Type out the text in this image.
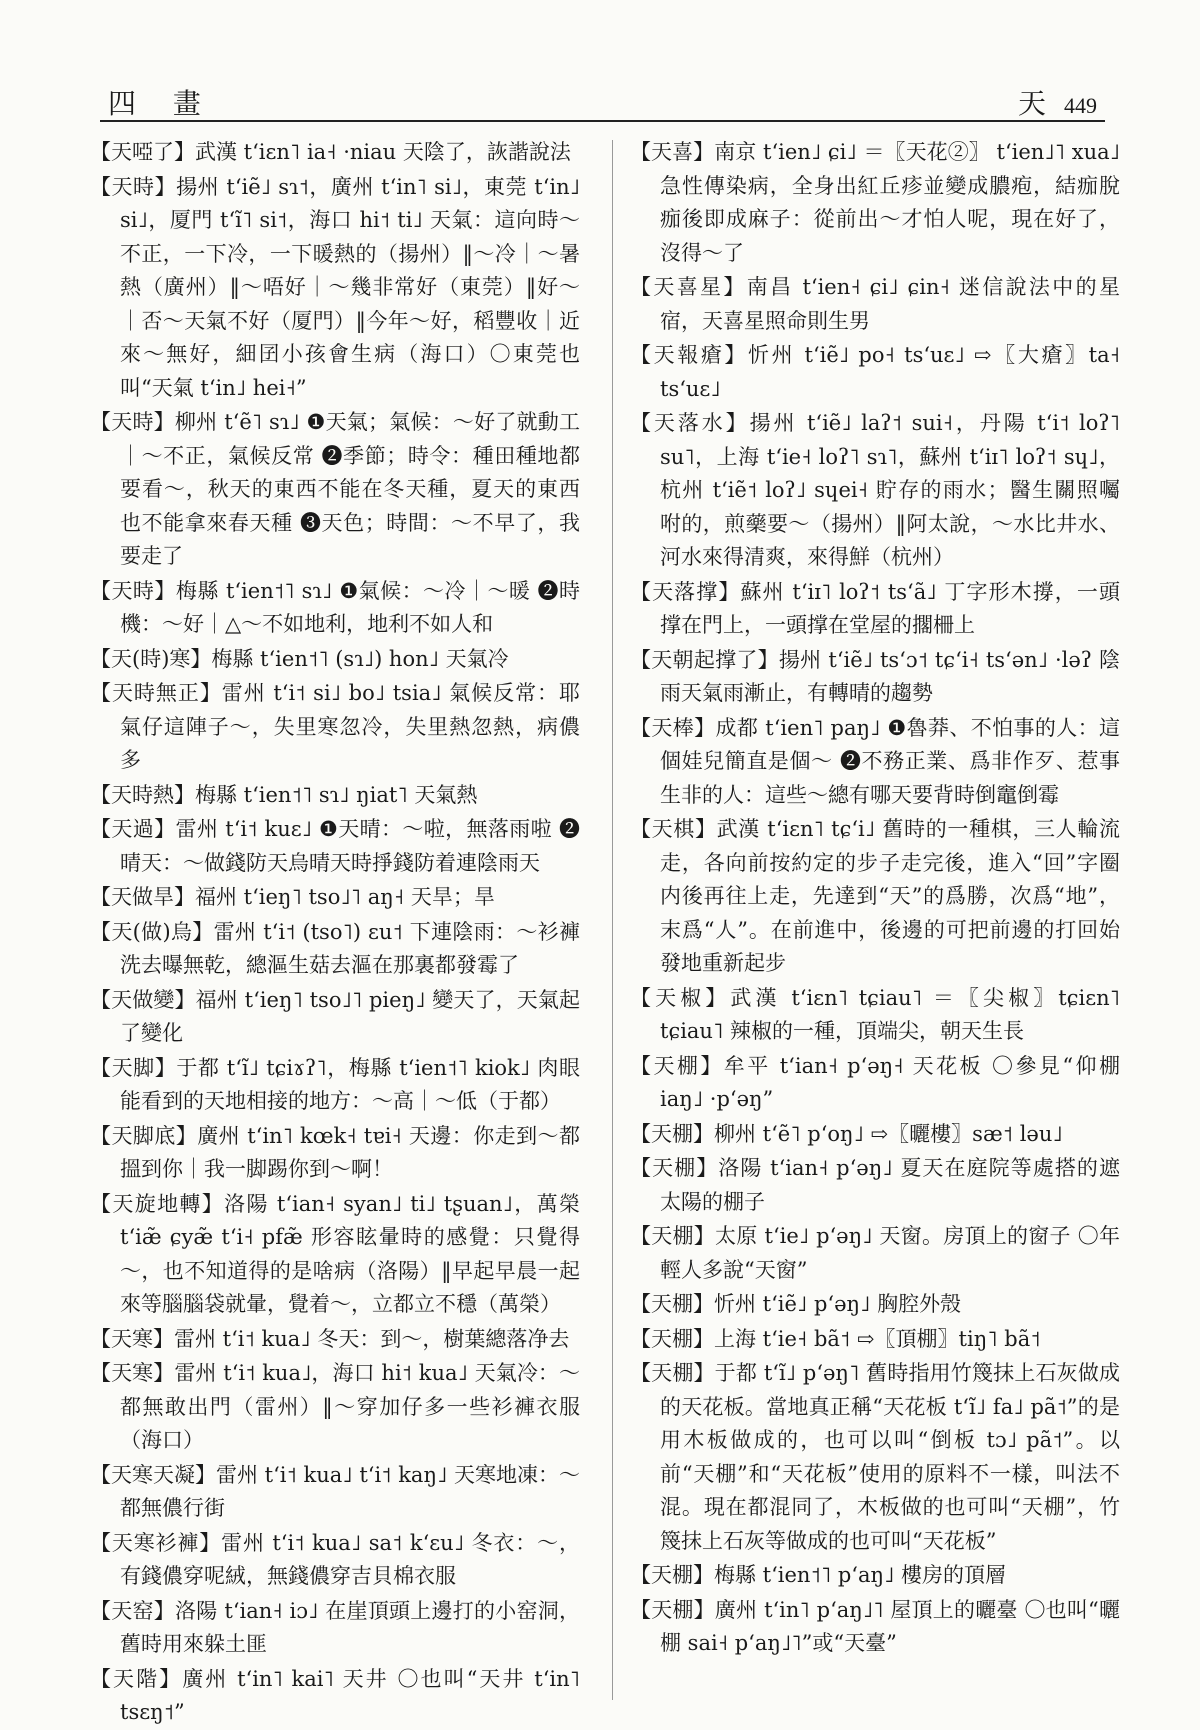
四 畫	天 449

【天啞了】武漢 tʻiɛn˥ ia˧ ·niau 天陰了，詼諧說法

【天時】揚州 tʻiẽ˩ sɿ˦，廣州 tʻin˥ si˩，東莞 tʻin˩ si˩，厦門 tʻĩ˥ si˦，海口 hi˦ ti˩ 天氣：這向時～不正，一下冷，一下暖熱的（揚州）‖～冷｜～暑熱（廣州）‖～唔好｜～幾非常好（東莞）‖好～｜否～天氣不好（厦門）‖今年～好，稻豐收｜近來～無好，細囝小孩會生病（海口）〇東莞也叫“天氣 tʻin˩ hei˧”

【天時】柳州 tʻẽ˥ sɿ˩ ❶天氣；氣候：～好了就動工｜～不正，氣候反常 ❷季節；時令：種田種地都要看～，秋天的東西不能在冬天種，夏天的東西也不能拿來春天種 ❸天色；時間：～不早了，我要走了

【天時】梅縣 tʻien˦˥ sɿ˩ ❶氣候：～冷｜～暖 ❷時機：～好｜△～不如地利，地利不如人和

【天(時)寒】梅縣 tʻien˦˥ (sɿ˩) hon˩ 天氣冷

【天時無正】雷州 tʻi˦ si˩ bo˩ tsia˩ 氣候反常：耶氣仔這陣子～，失里寒忽冷，失里熱忽熱，病儂多

【天時熱】梅縣 tʻien˦˥ sɿ˩ ŋiat˥ 天氣熱

【天過】雷州 tʻi˦ kuɛ˩ ❶天晴：～啦，無落雨啦 ❷晴天：～做錢防天烏晴天時掙錢防着連陰雨天

【天做旱】福州 tʻieŋ˥ tso˩˥ aŋ˧ 天旱；旱

【天(做)烏】雷州 tʻi˦ (tso˥) ɛu˦ 下連陰雨：～衫褲洗去曝無乾，總漚生菇去漚在那裏都發霉了

【天做變】福州 tʻieŋ˥ tso˩˥ pieŋ˩ 變天了，天氣起了變化

【天脚】于都 tʻĩ˩ tɕiɤʔ˥，梅縣 tʻien˦˥ kiok˩ 肉眼能看到的天地相接的地方：～高｜～低（于都）

【天脚底】廣州 tʻin˥ kœk˧ tɐi˧ 天邊：你走到～都搵到你｜我一脚踢你到～啊！

【天旋地轉】洛陽 tʻian˧ syan˩ ti˩ tʂuan˩，萬榮 tʻiæ̃ ɕyæ̃ tʻi˧ pfæ̃ 形容眩暈時的感覺：只覺得～，也不知道得的是啥病（洛陽）‖早起早晨一起來等腦腦袋就暈，覺着～，立都立不穩（萬榮）

【天寒】雷州 tʻi˦ kua˩ 冬天：到～，樹葉總落净去

【天寒】雷州 tʻi˦ kua˩，海口 hi˦ kua˩ 天氣冷：～都無敢出門（雷州）‖～穿加仔多一些衫褲衣服（海口）

【天寒天凝】雷州 tʻi˦ kua˩ tʻi˦ kaŋ˩ 天寒地凍：～都無儂行街

【天寒衫褲】雷州 tʻi˦ kua˩ sa˦ kʻɛu˩ 冬衣：～，有錢儂穿呢絨，無錢儂穿吉貝棉衣服

【天窑】洛陽 tʻian˧ iɔ˩ 在崖頂頭上邊打的小窑洞，舊時用來躲土匪

【天階】廣州 tʻin˥ kai˥ 天井 〇也叫“天井 tʻin˥ tsɛŋ˦”

【天喜】南京 tʻien˩ ɕi˩ ＝〖天花②〗 tʻien˩˥ xua˩ 急性傳染病，全身出紅丘疹並變成膿疱，結痂脫痂後即成麻子：從前出～才怕人呢，現在好了，沒得～了

【天喜星】南昌 tʻien˧ ɕi˩ ɕin˧ 迷信說法中的星宿，天喜星照命則生男

【天報瘡】忻州 tʻiẽ˩ po˧ tsʻuɛ˩ ⇨〖大瘡〗ta˧ tsʻuɛ˩

【天落水】揚州 tʻiẽ˩ laʔ˦ sui˧，丹陽 tʻi˦ loʔ˥ su˥，上海 tʻie˧ loʔ˥ sɿ˥，蘇州 tʻiɪ˥ loʔ˦ sɥ˩，杭州 tʻiẽ˦ loʔ˩ sɥei˧ 貯存的雨水；醫生關照囑咐的，煎藥要～（揚州）‖阿太說，～水比井水、河水來得清爽，來得鮮（杭州）

【天落撑】蘇州 tʻiɪ˥ loʔ˦ tsʻã˩ 丁字形木撐，一頭撑在門上，一頭撑在堂屋的擱柵上

【天朝起撑了】揚州 tʻiẽ˩ tsʻɔ˦ tɕʻi˧ tsʻən˩ ·ləʔ 陰雨天氣雨漸止，有轉晴的趨勢

【天棒】成都 tʻien˥ paŋ˩ ❶魯莽、不怕事的人：這個娃兒簡直是個～ ❷不務正業、爲非作歹、惹事生非的人：這些～總有哪天要背時倒竈倒霉

【天棋】武漢 tʻiɛn˥ tɕʻi˩ 舊時的一種棋，三人輪流走，各向前按約定的步子走完後，進入“回”字圈内後再往上走，先達到“天”的爲勝，次爲“地”，末爲“人”。在前進中，後邊的可把前邊的打回始發地重新起步

【天椒】武漢 tʻiɛn˥ tɕiau˥ ＝〖尖椒〗tɕiɛn˥ tɕiau˥ 辣椒的一種，頂端尖，朝天生長

【天棚】牟平 tʻian˧ pʻəŋ˧ 天花板 〇參見“仰棚 iaŋ˩ ·pʻəŋ”

【天棚】柳州 tʻẽ˥ pʻoŋ˩ ⇨〖曬樓〗sæ˦ ləu˩

【天棚】洛陽 tʻian˧ pʻəŋ˩ 夏天在庭院等處搭的遮太陽的棚子

【天棚】太原 tʻie˩ pʻəŋ˩ 天窗。房頂上的窗子 〇年輕人多說“天窗”

【天棚】忻州 tʻiẽ˩ pʻəŋ˩ 胸腔外殼

【天棚】上海 tʻie˧ bã˦ ⇨〖頂棚〗tiŋ˥ bã˦

【天棚】于都 tʻĩ˩ pʻəŋ˥ 舊時指用竹篾抹上石灰做成的天花板。當地真正稱“天花板 tʻĩ˩ fa˩ pã˦”的是用木板做成的，也可以叫“倒板 tɔ˩ pã˦”。以前“天棚”和“天花板”使用的原料不一樣，叫法不混。現在都混同了，木板做的也可叫“天棚”，竹篾抹上石灰等做成的也可叫“天花板”

【天棚】梅縣 tʻien˦˥ pʻaŋ˩ 樓房的頂層

【天棚】廣州 tʻin˥ pʻaŋ˩˥ 屋頂上的曬臺 〇也叫“曬棚 sai˧ pʻaŋ˩˥”或“天臺”
